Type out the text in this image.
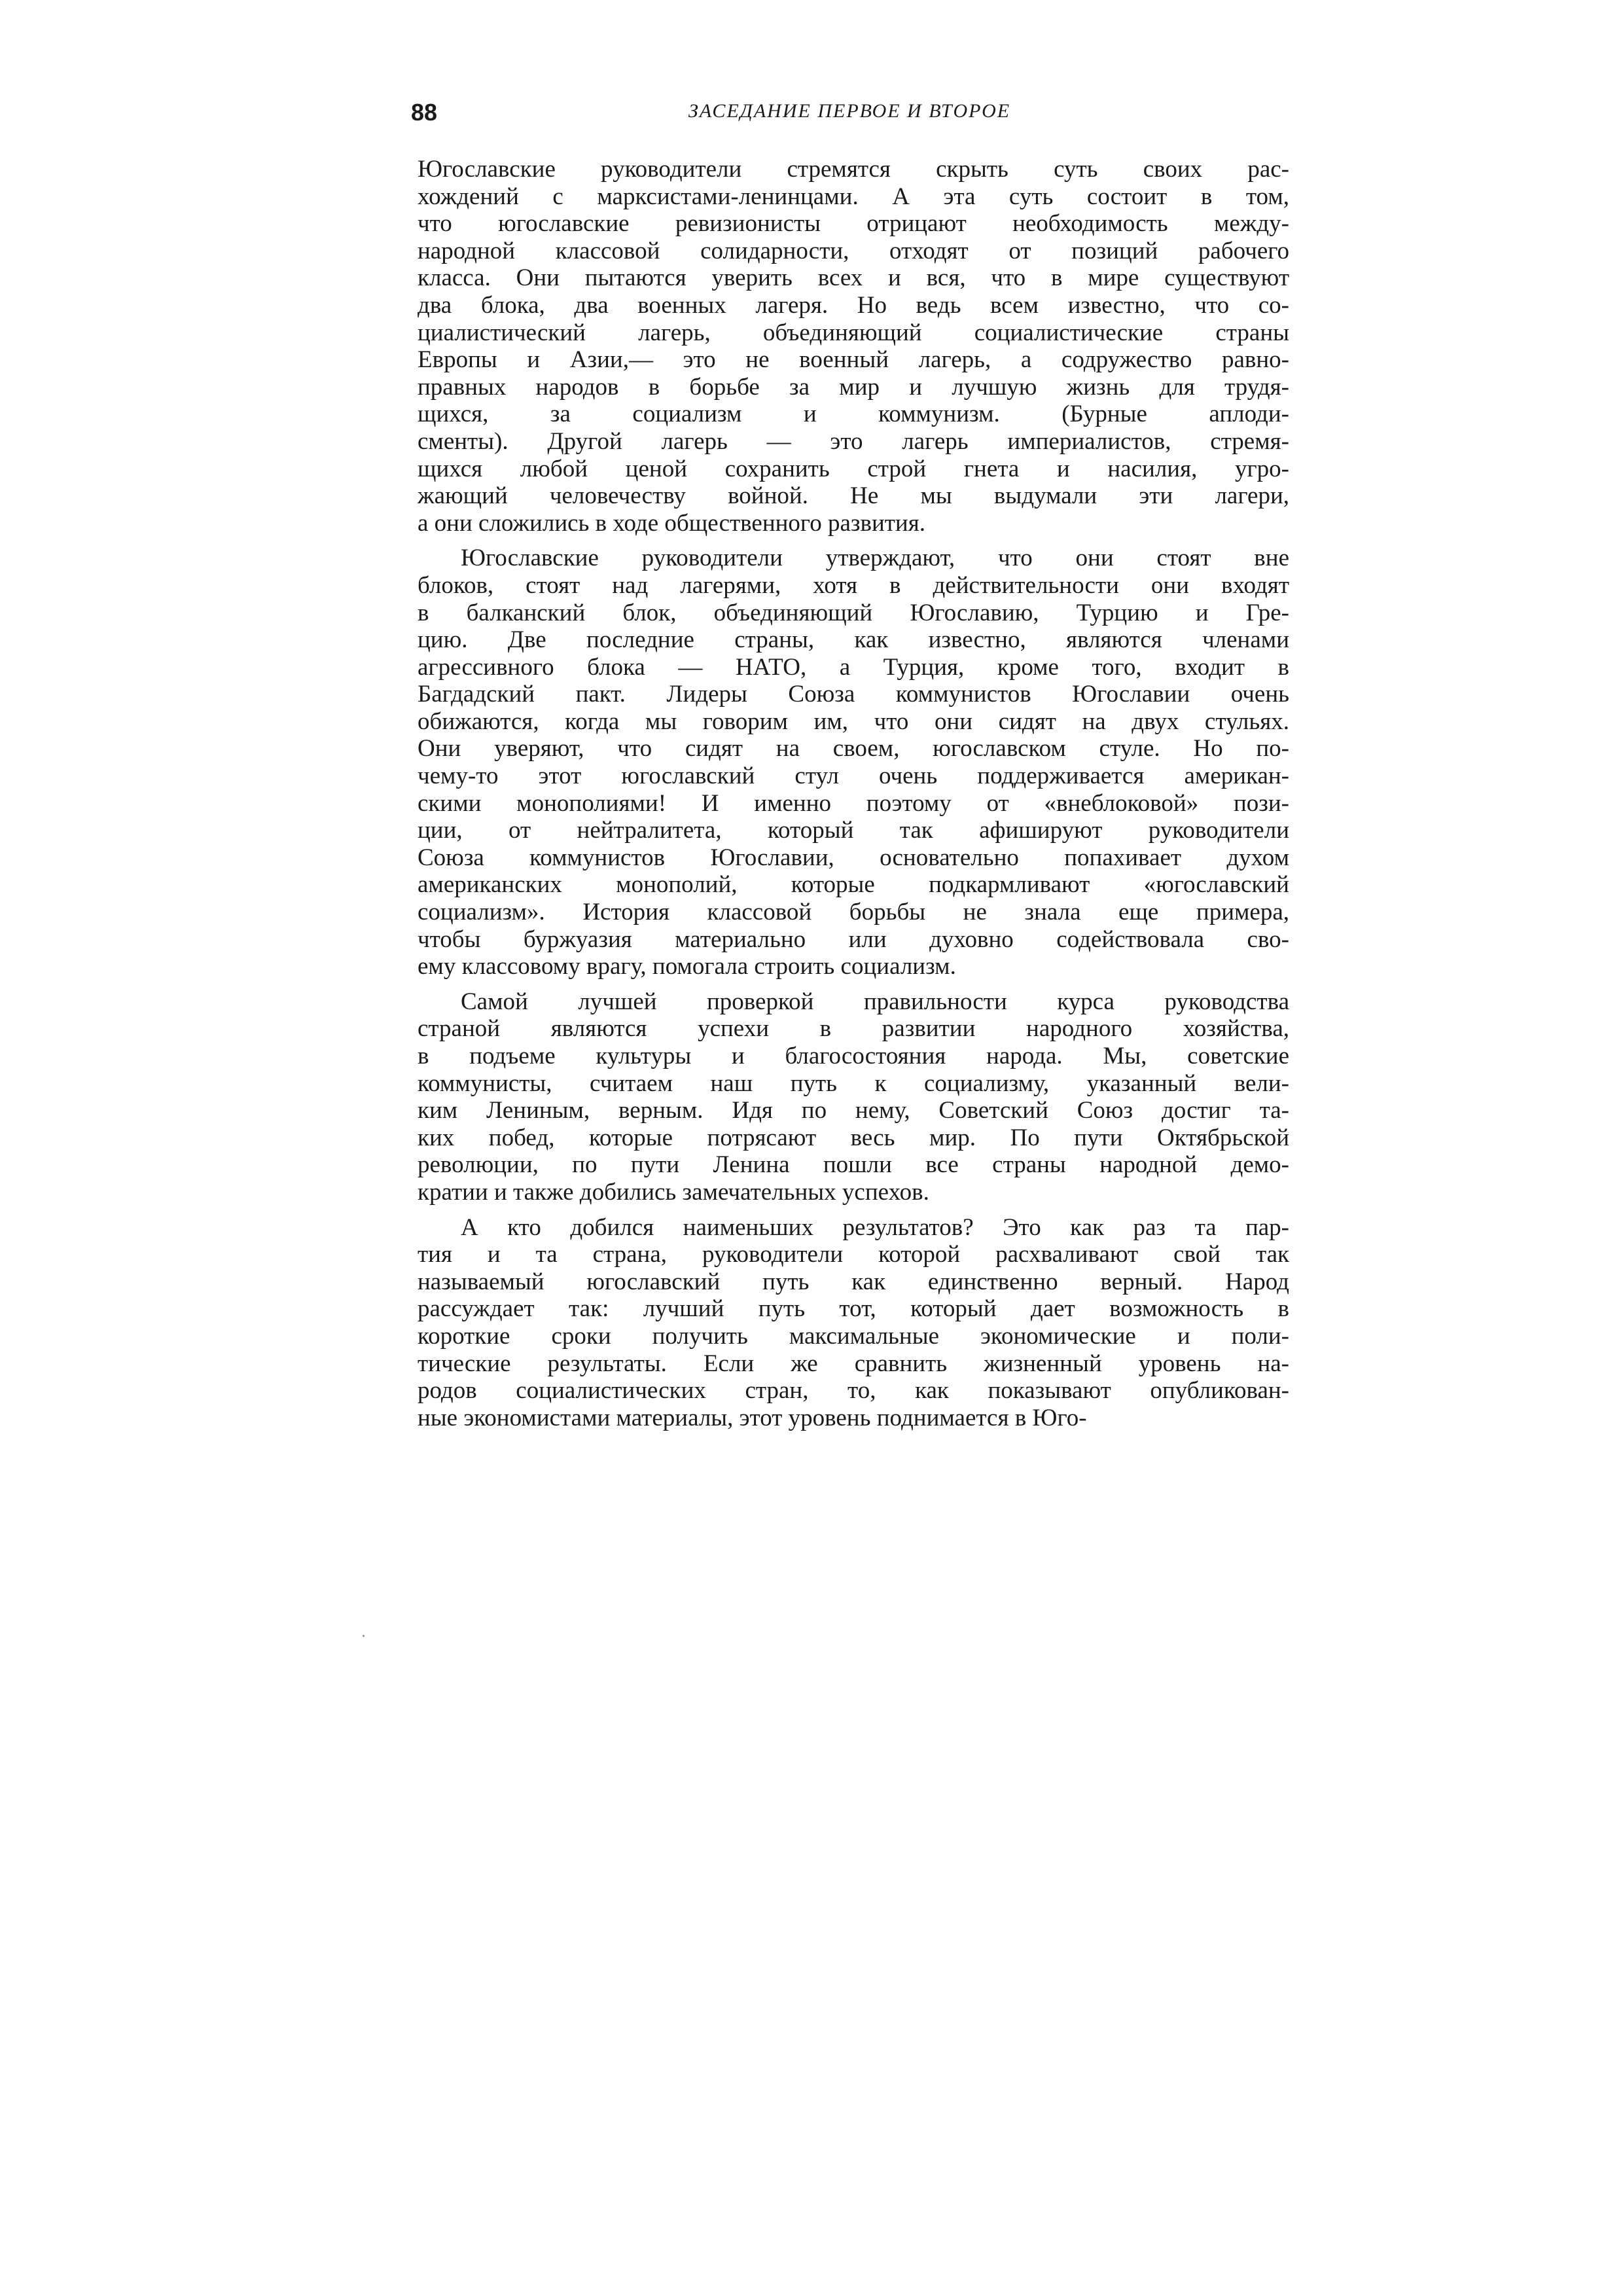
88	ЗАСЕДАНИЕ ПЕРВОЕ И ВТОРОЕ
Югославские руководители стремятся скрыть суть своих рас-
хождений с марксистами-ленинцами. А эта суть состоит в том,
что югославские ревизионисты отрицают необходимость между-
народной классовой солидарности, отходят от позиций рабочего
класса. Они пытаются уверить всех и вся, что в мире существуют
два блока, два военных лагеря. Но ведь всем известно, что со-
циалистический лагерь, объединяющий социалистические страны
Европы и Азии,— это не военный лагерь, а содружество равно-
правных народов в борьбе за мир и лучшую жизнь для трудя-
щихся, за социализм и коммунизм. (Бурные аплоди-
сменты). Другой лагерь — это лагерь империалистов, стремя-
щихся любой ценой сохранить строй гнета и насилия, угро-
жающий человечеству войной. Не мы выдумали эти лагери,
а они сложились в ходе общественного развития.
Югославские руководители утверждают, что они стоят вне
блоков, стоят над лагерями, хотя в действительности они входят
в балканский блок, объединяющий Югославию, Турцию и Гре-
цию. Две последние страны, как известно, являются членами
агрессивного блока — НАТО, а Турция, кроме того, входит в
Багдадский пакт. Лидеры Союза коммунистов Югославии очень
обижаются, когда мы говорим им, что они сидят на двух стульях.
Они уверяют, что сидят на своем, югославском стуле. Но по-
чему-то этот югославский стул очень поддерживается американ-
скими монополиями! И именно поэтому от «внеблоковой» пози-
ции, от нейтралитета, который так афишируют руководители
Союза коммунистов Югославии, основательно попахивает духом
американских монополий, которые подкармливают «югославский
социализм». История классовой борьбы не знала еще примера,
чтобы буржуазия материально или духовно содействовала сво-
ему классовому врагу, помогала строить социализм.
Самой лучшей проверкой правильности курса руководства
страной являются успехи в развитии народного хозяйства,
в подъеме культуры и благосостояния народа. Мы, советские
коммунисты, считаем наш путь к социализму, указанный вели-
ким Лениным, верным. Идя по нему, Советский Союз достиг та-
ких побед, которые потрясают весь мир. По пути Октябрьской
революции, по пути Ленина пошли все страны народной демо-
кратии и также добились замечательных успехов.
А кто добился наименьших результатов? Это как раз та пар-
тия и та страна, руководители которой расхваливают свой так
называемый югославский путь как единственно верный. Народ
рассуждает так: лучший путь тот, который дает возможность в
короткие сроки получить максимальные экономические и поли-
тические результаты. Если же сравнить жизненный уровень на-
родов социалистических стран, то, как показывают опубликован-
ные экономистами материалы, этот уровень поднимается в Юго-
